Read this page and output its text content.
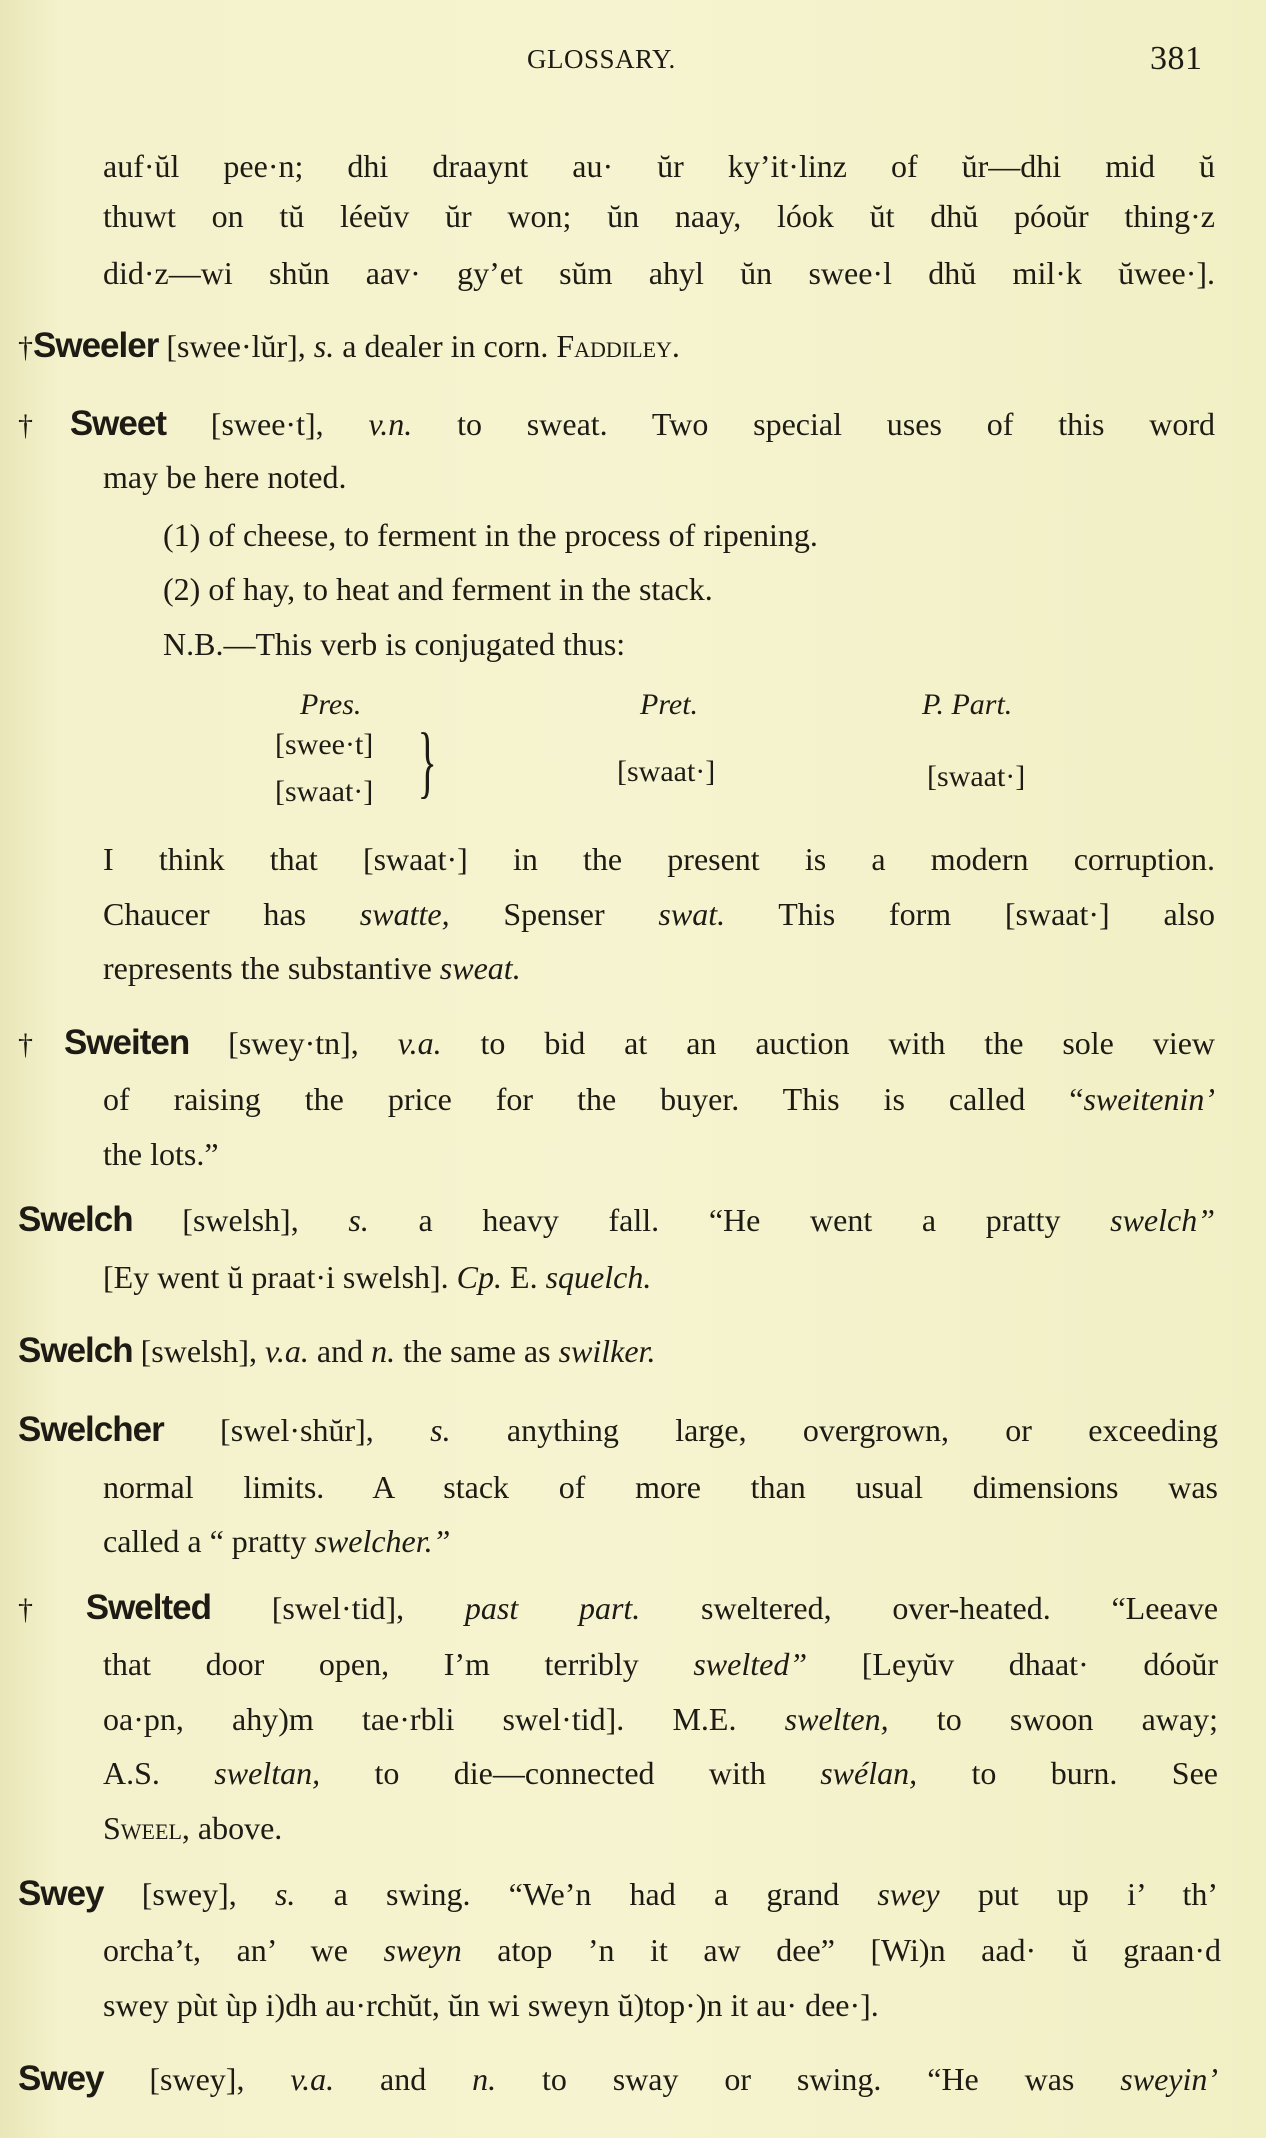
GLOSSARY.	381
auf·ŭl pee·n; dhi draaynt au· ŭr ky’it·linz of ŭr—dhi mid ŭ
thuwt on tŭ léeŭv ŭr won; ŭn naay, lóok ŭt dhŭ póoŭr thing·z
did·z—wi shŭn aav· gy’et sŭm ahyl ŭn swee·l dhŭ mil·k ŭwee·].
†Sweeler [swee·lŭr], s. a dealer in corn. Faddiley.
†Sweet [swee·t], v.n. to sweat. Two special uses of this word
may be here noted.
(1) of cheese, to ferment in the process of ripening.
(2) of hay, to heat and ferment in the stack.
N.B.—This verb is conjugated thus:
I think that [swaat·] in the present is a modern corruption.
Chaucer has swatte, Spenser swat. This form [swaat·] also
represents the substantive sweat.
†Sweiten [swey·tn], v.a. to bid at an auction with the sole view
of raising the price for the buyer. This is called “sweitenin’
the lots.”
Swelch [swelsh], s. a heavy fall. “He went a pratty swelch”
[Ey went ŭ praat·i swelsh]. Cp. E. squelch.
Swelch [swelsh], v.a. and n. the same as swilker.
Swelcher [swel·shŭr], s. anything large, overgrown, or exceeding
normal limits. A stack of more than usual dimensions was
called a “ pratty swelcher.”
†Swelted [swel·tid], past part. sweltered, over-heated. “Leeave
that door open, I’m terribly swelted” [Leyŭv dhaat· dóoŭr
oa·pn, ahy)m tae·rbli swel·tid]. M.E. swelten, to swoon away;
A.S. sweltan, to die—connected with swélan, to burn. See
Sweel, above.
Swey [swey], s. a swing. “We’n had a grand swey put up i’ th’
orcha’t, an’ we sweyn atop ’n it aw dee” [Wi)n aad· ŭ graan·d
swey pùt ùp i)dh au·rchŭt, ŭn wi sweyn ŭ)top·)n it au· dee·].
Swey [swey], v.a. and n. to sway or swing. “He was sweyin’
Pres.	Pret.	P. Part.
[swee·t]
[swaat·] }	[swaat·]	[swaat·]
